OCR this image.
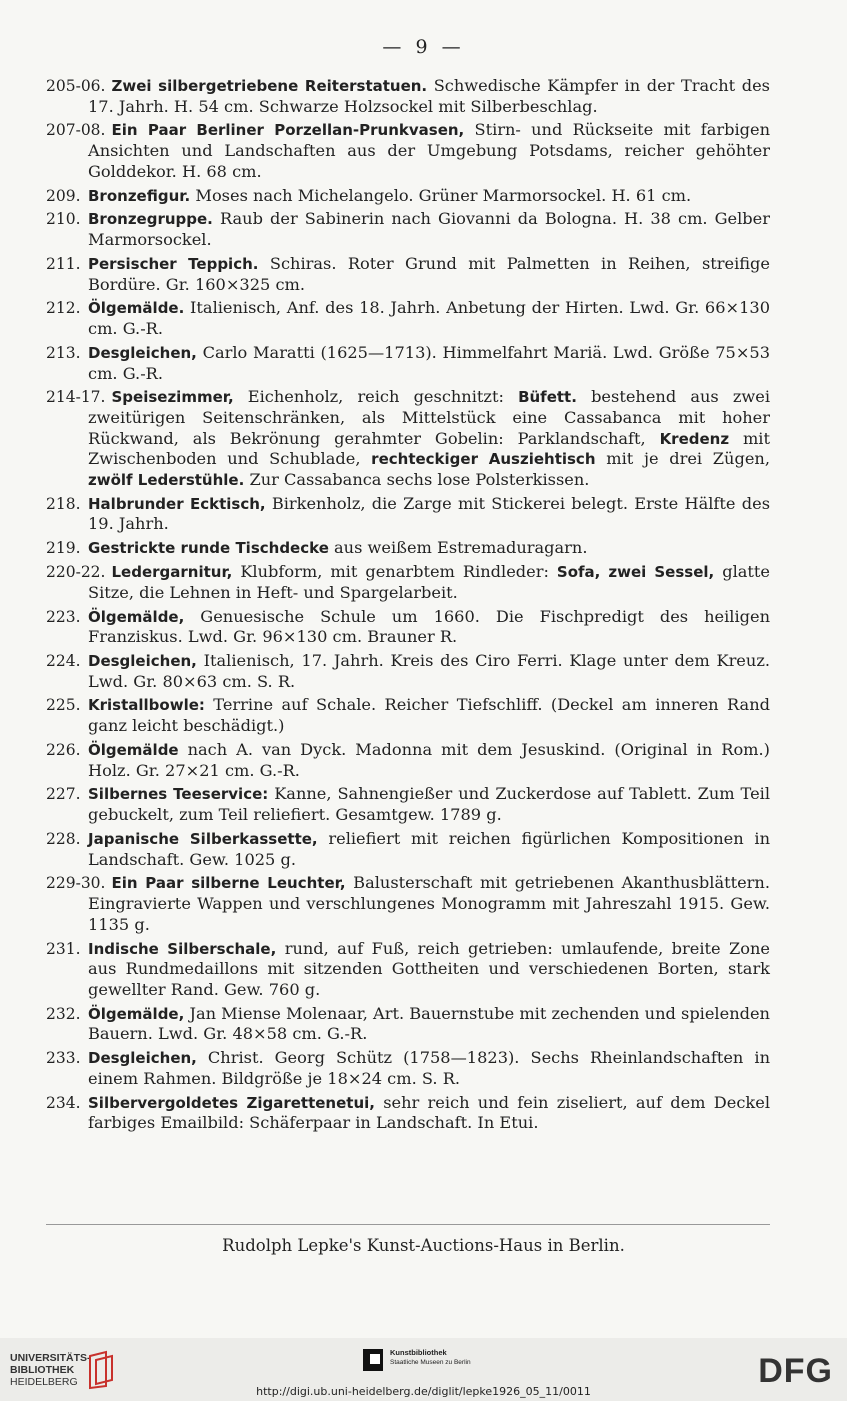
— 9 —
205-06. Zwei silbergetriebene Reiterstatuen. Schwedische Kämpfer in der Tracht des 17. Jahrh. H. 54 cm. Schwarze Holzsockel mit Silberbeschlag.
207-08. Ein Paar Berliner Porzellan-Prunkvasen, Stirn- und Rückseite mit farbigen Ansichten und Landschaften aus der Umgebung Potsdams, reicher gehöhter Golddekor. H. 68 cm.
209. Bronzefigur. Moses nach Michelangelo. Grüner Marmorsockel. H. 61 cm.
210. Bronzegruppe. Raub der Sabinerin nach Giovanni da Bologna. H. 38 cm. Gelber Marmorsockel.
211. Persischer Teppich. Schiras. Roter Grund mit Palmetten in Reihen, streifige Bordüre. Gr. 160×325 cm.
212. Ölgemälde. Italienisch, Anf. des 18. Jahrh. Anbetung der Hirten. Lwd. Gr. 66×130 cm. G.-R.
213. Desgleichen, Carlo Maratti (1625—1713). Himmelfahrt Mariä. Lwd. Größe 75×53 cm. G.-R.
214-17. Speisezimmer, Eichenholz, reich geschnitzt: Büfett. bestehend aus zwei zweitürigen Seitenschränken, als Mittelstück eine Cassabanca mit hoher Rückwand, als Bekrönung gerahmter Gobelin: Parklandschaft, Kredenz mit Zwischenboden und Schublade, rechteckiger Ausziehtisch mit je drei Zügen, zwölf Lederstühle. Zur Cassabanca sechs lose Polsterkissen.
218. Halbrunder Ecktisch, Birkenholz, die Zarge mit Stickerei belegt. Erste Hälfte des 19. Jahrh.
219. Gestrickte runde Tischdecke aus weißem Estremaduragarn.
220-22. Ledergarnitur, Klubform, mit genarbtem Rindleder: Sofa, zwei Sessel, glatte Sitze, die Lehnen in Heft- und Spargelarbeit.
223. Ölgemälde, Genuesische Schule um 1660. Die Fischpredigt des heiligen Franziskus. Lwd. Gr. 96×130 cm. Brauner R.
224. Desgleichen, Italienisch, 17. Jahrh. Kreis des Ciro Ferri. Klage unter dem Kreuz. Lwd. Gr. 80×63 cm. S. R.
225. Kristallbowle: Terrine auf Schale. Reicher Tiefschliff. (Deckel am inneren Rand ganz leicht beschädigt.)
226. Ölgemälde nach A. van Dyck. Madonna mit dem Jesuskind. (Original in Rom.) Holz. Gr. 27×21 cm. G.-R.
227. Silbernes Teeservice: Kanne, Sahnengießer und Zuckerdose auf Tablett. Zum Teil gebuckelt, zum Teil reliefiert. Gesamtgew. 1789 g.
228. Japanische Silberkassette, reliefiert mit reichen figürlichen Kompositionen in Landschaft. Gew. 1025 g.
229-30. Ein Paar silberne Leuchter, Balusterschaft mit getriebenen Akanthusblättern. Eingravierte Wappen und verschlungenes Monogramm mit Jahreszahl 1915. Gew. 1135 g.
231. Indische Silberschale, rund, auf Fuß, reich getrieben: umlaufende, breite Zone aus Rundmedaillons mit sitzenden Gottheiten und verschiedenen Borten, stark gewellter Rand. Gew. 760 g.
232. Ölgemälde, Jan Miense Molenaar, Art. Bauernstube mit zechenden und spielenden Bauern. Lwd. Gr. 48×58 cm. G.-R.
233. Desgleichen, Christ. Georg Schütz (1758—1823). Sechs Rheinlandschaften in einem Rahmen. Bildgröße je 18×24 cm. S. R.
234. Silbervergoldetes Zigarettenetui, sehr reich und fein ziseliert, auf dem Deckel farbiges Emailbild: Schäferpaar in Landschaft. In Etui.
Rudolph Lepke's Kunst-Auctions-Haus in Berlin.
UNIVERSITÄTS-
BIBLIOTHEK
HEIDELBERG
Kunstbibliothek
Staatliche Museen zu Berlin
http://digi.ub.uni-heidelberg.de/diglit/lepke1926_05_11/0011
DFG
